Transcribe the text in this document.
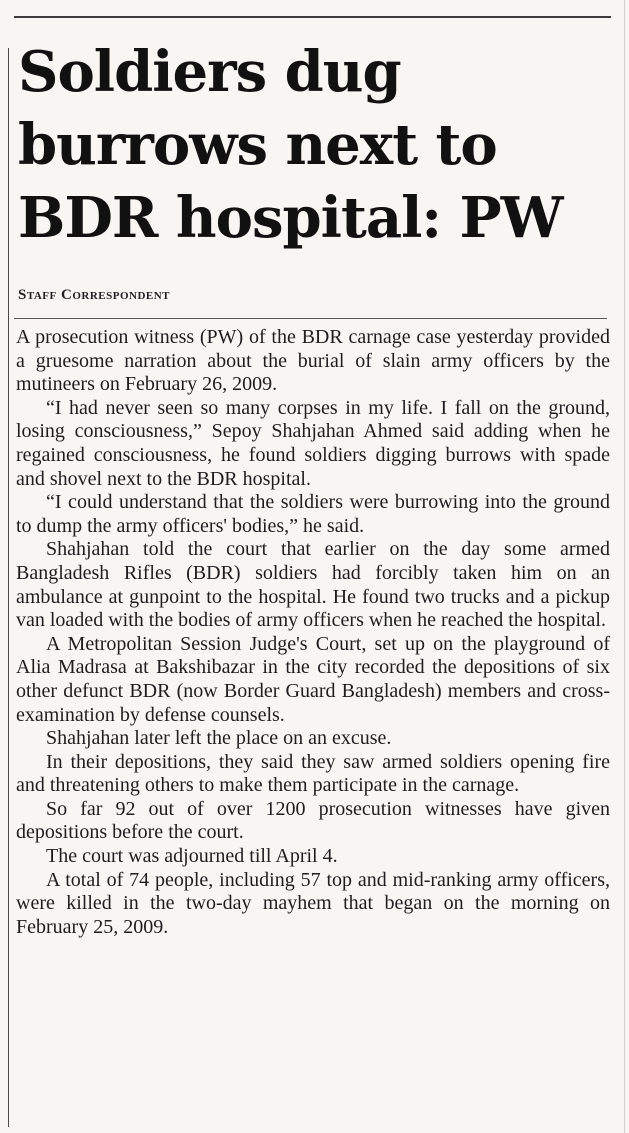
Soldiers dug
burrows next to
BDR hospital: PW
Staff Correspondent

A prosecution witness (PW) of the BDR carnage case yesterday provided a gruesome narration about the burial of slain army officers by the mutineers on February 26, 2009.

“I had never seen so many corpses in my life. I fall on the ground, losing consciousness,” Sepoy Shahjahan Ahmed said adding when he regained consciousness, he found soldiers digging burrows with spade and shovel next to the BDR hospital.

“I could understand that the soldiers were burrowing into the ground to dump the army officers' bodies,” he said.

Shahjahan told the court that earlier on the day some armed Bangladesh Rifles (BDR) soldiers had forcibly taken him on an ambulance at gunpoint to the hospital. He found two trucks and a pickup van loaded with the bodies of army officers when he reached the hospital.

A Metropolitan Session Judge's Court, set up on the playground of Alia Madrasa at Bakshibazar in the city recorded the depositions of six other defunct BDR (now Border Guard Bangladesh) members and cross-examination by defense counsels.

Shahjahan later left the place on an excuse.

In their depositions, they said they saw armed soldiers opening fire and threatening others to make them participate in the carnage.

So far 92 out of over 1200 prosecution witnesses have given depositions before the court.

The court was adjourned till April 4.

A total of 74 people, including 57 top and mid-ranking army officers, were killed in the two-day mayhem that began on the morning on February 25, 2009.
